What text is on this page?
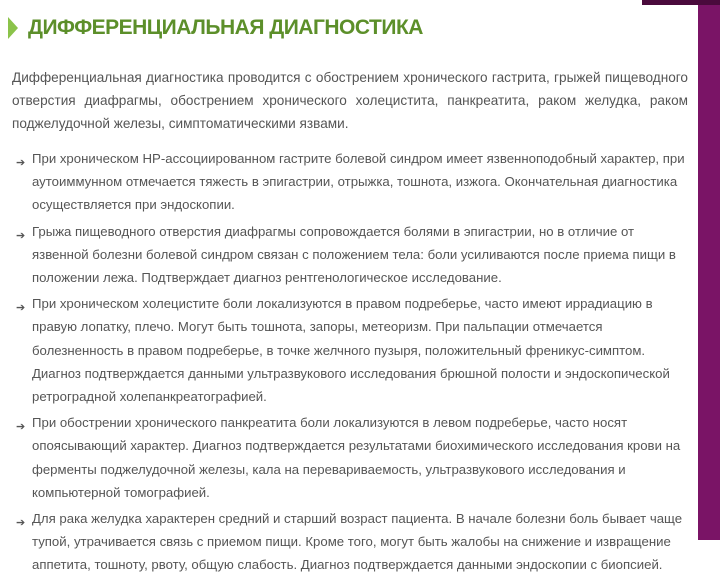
ДИФФЕРЕНЦИАЛЬНАЯ ДИАГНОСТИКА

Дифференциальная диагностика проводится с обострением хронического гастрита, грыжей пищеводного отверстия диафрагмы, обострением хронического холецистита, панкреатита, раком желудка, раком поджелудочной железы, симптоматическими язвами.

➔ При хроническом HP-ассоциированном гастрите болевой синдром имеет язвенноподобный характер, при аутоиммунном отмечается тяжесть в эпигастрии, отрыжка, тошнота, изжога. Окончательная диагностика осуществляется при эндоскопии.
➔ Грыжа пищеводного отверстия диафрагмы сопровождается болями в эпигастрии, но в отличие от язвенной болезни болевой синдром связан с положением тела: боли усиливаются после приема пищи в положении лежа. Подтверждает диагноз рентгенологическое исследование.
➔ При хроническом холецистите боли локализуются в правом подреберье, часто имеют иррадиацию в правую лопатку, плечо. Могут быть тошнота, запоры, метеоризм. При пальпации отмечается болезненность в правом подреберье, в точке желчного пузыря, положительный френикус-симптом. Диагноз подтверждается данными ультразвукового исследования брюшной полости и эндоскопической ретроградной холепанкреатографией.
➔ При обострении хронического панкреатита боли локализуются в левом подреберье, часто носят опоясывающий характер. Диагноз подтверждается результатами биохимического исследования крови на ферменты поджелудочной железы, кала на перевариваемость, ультразвукового исследования и компьютерной томографией.
➔ Для рака желудка характерен средний и старший возраст пациента. В начале болезни боль бывает чаще тупой, утрачивается связь с приемом пищи. Кроме того, могут быть жалобы на снижение и извращение аппетита, тошноту, рвоту, общую слабость. Диагноз подтверждается данными эндоскопии с биопсией.
